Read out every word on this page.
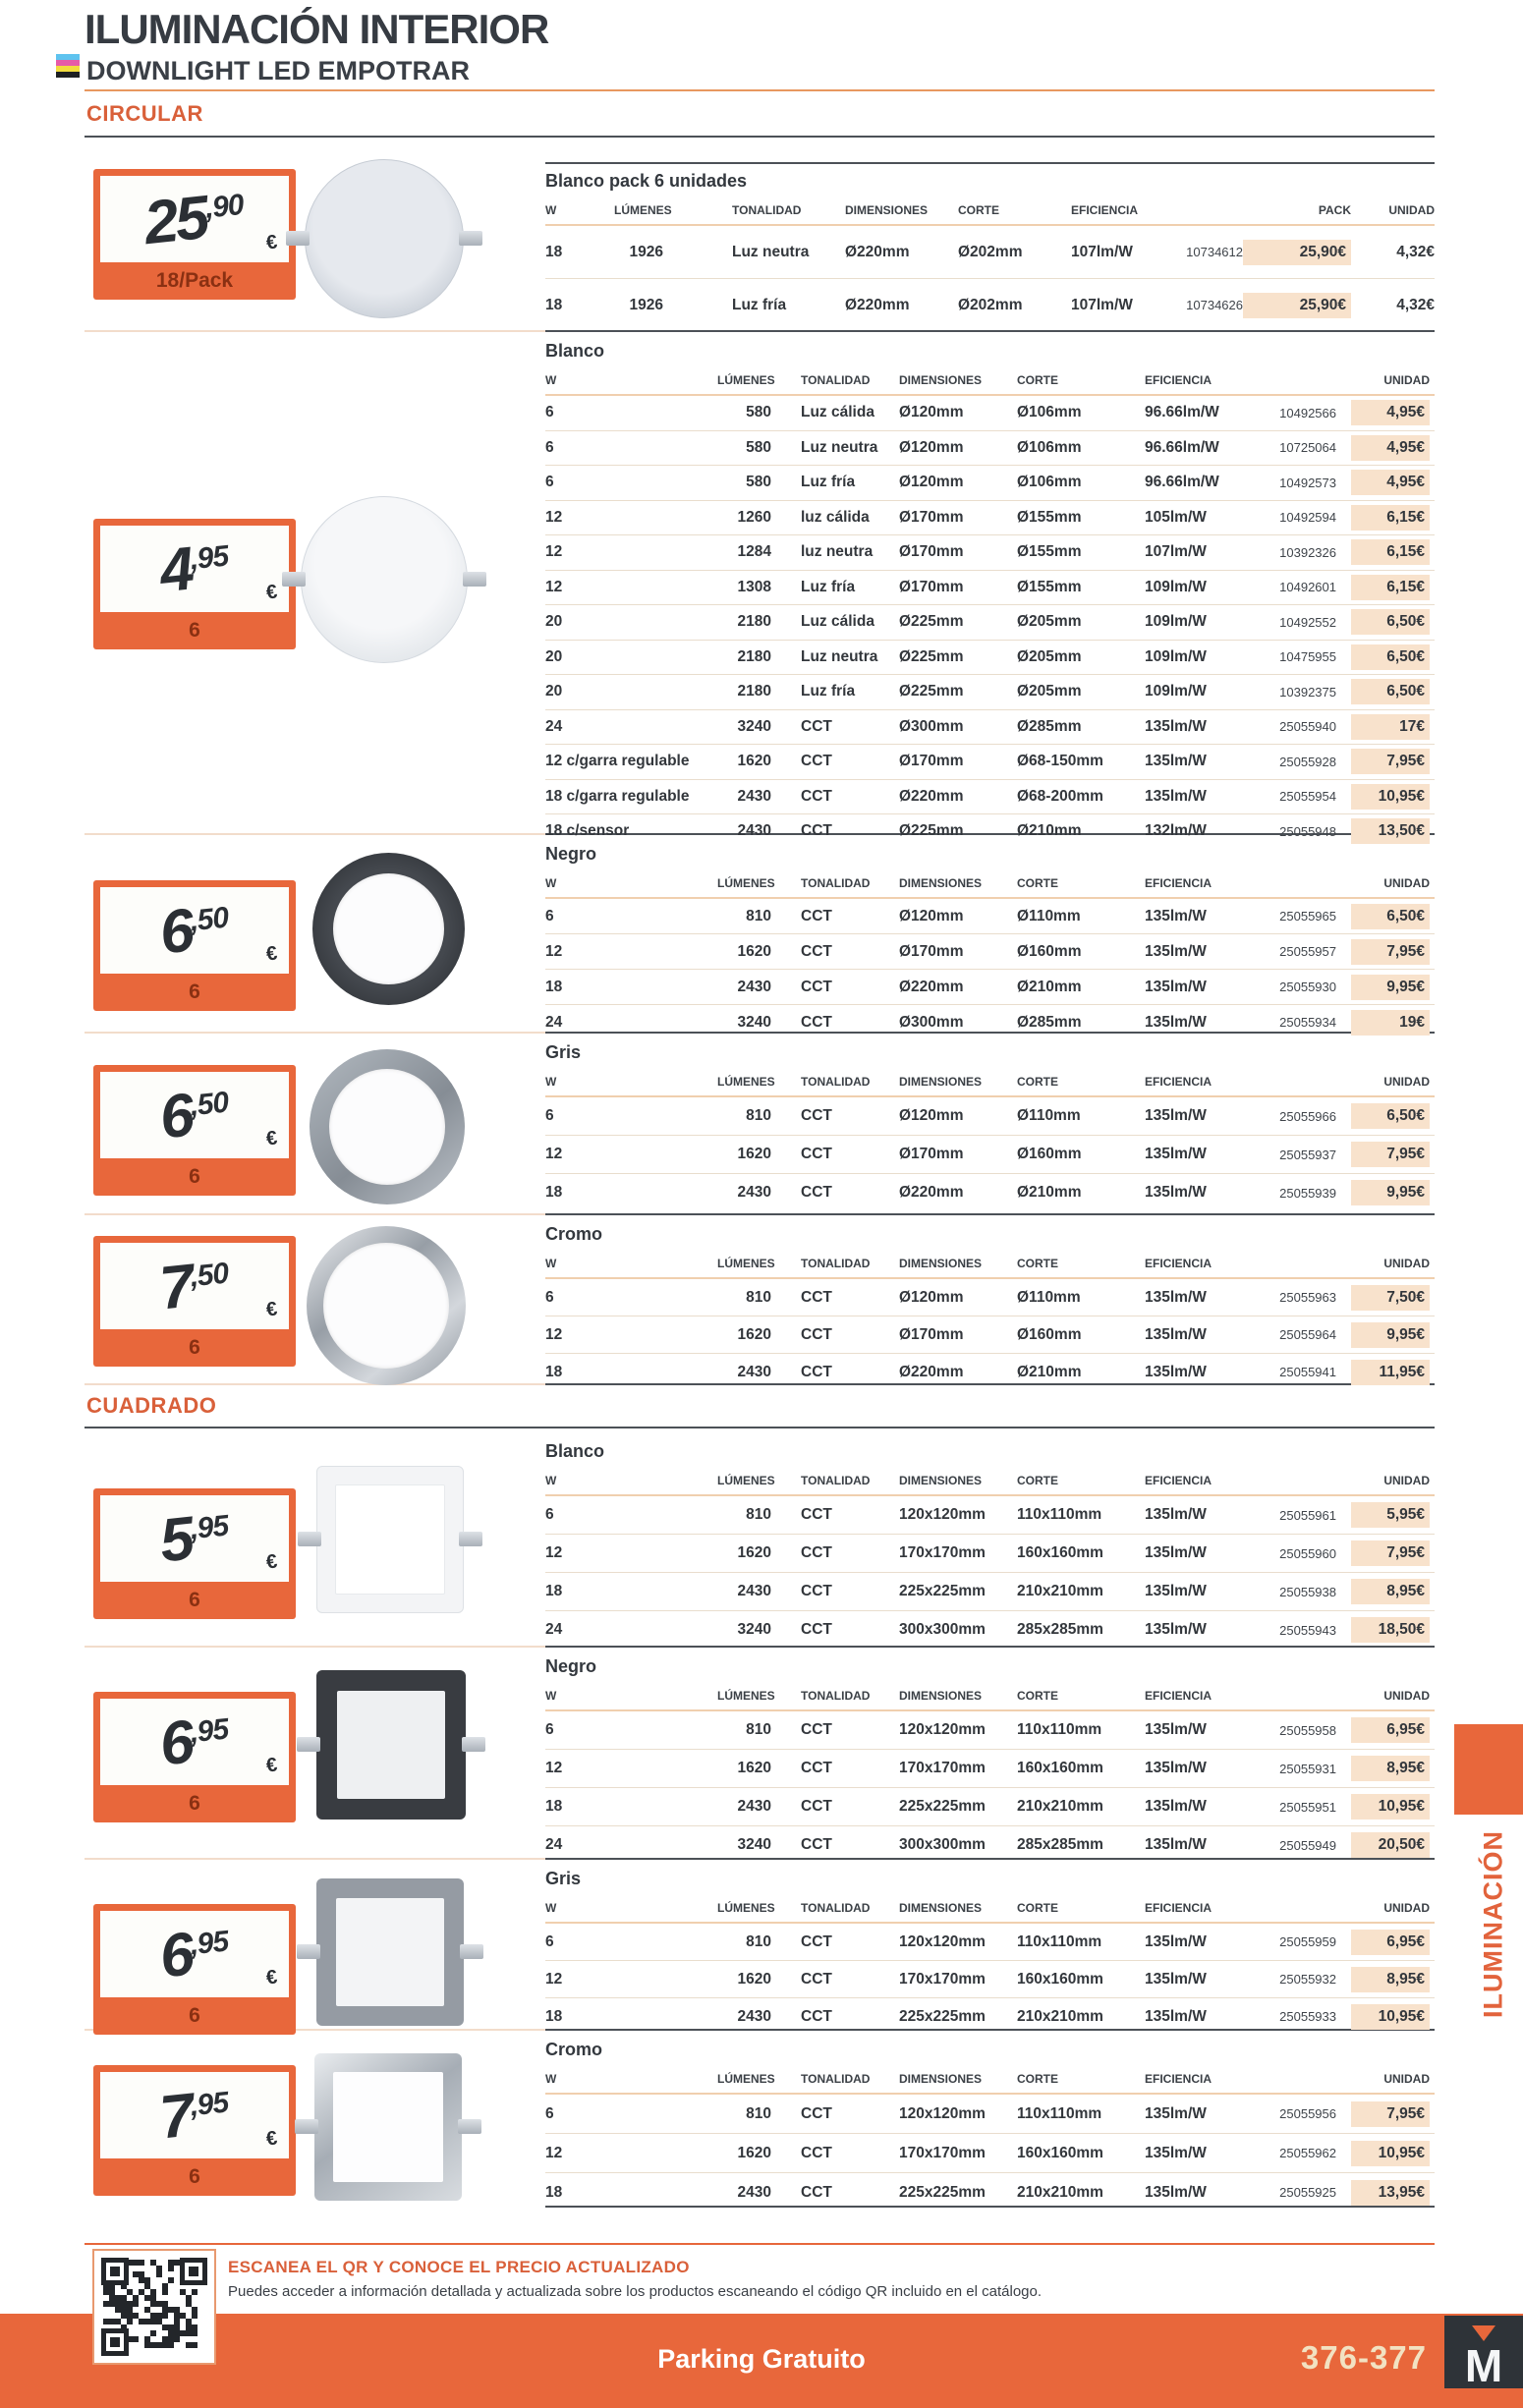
ILUMINACIÓN INTERIOR
DOWNLIGHT LED EMPOTRAR
CIRCULAR
CUADRADO
25,90
€
18/Pack
4,95
€
6
6,50
€
6
6,50
€
6
7,50
€
6
5,95
€
6
6,95
€
6
6,95
€
6
7,95
€
6
Blanco pack 6 unidades
W	LÚMENES	TONALIDAD	DIMENSIONES	CORTE	EFICIENCIA	PACK	UNIDAD
18	1926	Luz neutra	Ø220mm	Ø202mm	107lm/W	10734612	25,90€	4,32€
18	1926	Luz fría	Ø220mm	Ø202mm	107lm/W	10734626	25,90€	4,32€
Blanco
W	LÚMENES	TONALIDAD	DIMENSIONES	CORTE	EFICIENCIA	UNIDAD
6	580	Luz cálida	Ø120mm	Ø106mm	96.66lm/W	10492566	4,95€
6	580	Luz neutra	Ø120mm	Ø106mm	96.66lm/W	10725064	4,95€
6	580	Luz fría	Ø120mm	Ø106mm	96.66lm/W	10492573	4,95€
12	1260	luz cálida	Ø170mm	Ø155mm	105lm/W	10492594	6,15€
12	1284	luz neutra	Ø170mm	Ø155mm	107lm/W	10392326	6,15€
12	1308	Luz fría	Ø170mm	Ø155mm	109lm/W	10492601	6,15€
20	2180	Luz cálida	Ø225mm	Ø205mm	109lm/W	10492552	6,50€
20	2180	Luz neutra	Ø225mm	Ø205mm	109lm/W	10475955	6,50€
20	2180	Luz fría	Ø225mm	Ø205mm	109lm/W	10392375	6,50€
24	3240	CCT	Ø300mm	Ø285mm	135lm/W	25055940	17€
12 c/garra regulable	1620	CCT	Ø170mm	Ø68-150mm	135lm/W	25055928	7,95€
18 c/garra regulable	2430	CCT	Ø220mm	Ø68-200mm	135lm/W	25055954	10,95€
18 c/sensor	2430	CCT	Ø225mm	Ø210mm	132lm/W	25055948	13,50€
Negro
W	LÚMENES	TONALIDAD	DIMENSIONES	CORTE	EFICIENCIA	UNIDAD
6	810	CCT	Ø120mm	Ø110mm	135lm/W	25055965	6,50€
12	1620	CCT	Ø170mm	Ø160mm	135lm/W	25055957	7,95€
18	2430	CCT	Ø220mm	Ø210mm	135lm/W	25055930	9,95€
24	3240	CCT	Ø300mm	Ø285mm	135lm/W	25055934	19€
Gris
W	LÚMENES	TONALIDAD	DIMENSIONES	CORTE	EFICIENCIA	UNIDAD
6	810	CCT	Ø120mm	Ø110mm	135lm/W	25055966	6,50€
12	1620	CCT	Ø170mm	Ø160mm	135lm/W	25055937	7,95€
18	2430	CCT	Ø220mm	Ø210mm	135lm/W	25055939	9,95€
Cromo
W	LÚMENES	TONALIDAD	DIMENSIONES	CORTE	EFICIENCIA	UNIDAD
6	810	CCT	Ø120mm	Ø110mm	135lm/W	25055963	7,50€
12	1620	CCT	Ø170mm	Ø160mm	135lm/W	25055964	9,95€
18	2430	CCT	Ø220mm	Ø210mm	135lm/W	25055941	11,95€
Blanco
W	LÚMENES	TONALIDAD	DIMENSIONES	CORTE	EFICIENCIA	UNIDAD
6	810	CCT	120x120mm	110x110mm	135lm/W	25055961	5,95€
12	1620	CCT	170x170mm	160x160mm	135lm/W	25055960	7,95€
18	2430	CCT	225x225mm	210x210mm	135lm/W	25055938	8,95€
24	3240	CCT	300x300mm	285x285mm	135lm/W	25055943	18,50€
Negro
W	LÚMENES	TONALIDAD	DIMENSIONES	CORTE	EFICIENCIA	UNIDAD
6	810	CCT	120x120mm	110x110mm	135lm/W	25055958	6,95€
12	1620	CCT	170x170mm	160x160mm	135lm/W	25055931	8,95€
18	2430	CCT	225x225mm	210x210mm	135lm/W	25055951	10,95€
24	3240	CCT	300x300mm	285x285mm	135lm/W	25055949	20,50€
Gris
W	LÚMENES	TONALIDAD	DIMENSIONES	CORTE	EFICIENCIA	UNIDAD
6	810	CCT	120x120mm	110x110mm	135lm/W	25055959	6,95€
12	1620	CCT	170x170mm	160x160mm	135lm/W	25055932	8,95€
18	2430	CCT	225x225mm	210x210mm	135lm/W	25055933	10,95€
Cromo
W	LÚMENES	TONALIDAD	DIMENSIONES	CORTE	EFICIENCIA	UNIDAD
6	810	CCT	120x120mm	110x110mm	135lm/W	25055956	7,95€
12	1620	CCT	170x170mm	160x160mm	135lm/W	25055962	10,95€
18	2430	CCT	225x225mm	210x210mm	135lm/W	25055925	13,95€
ILUMINACIÓN
ESCANEA EL QR Y CONOCE EL PRECIO ACTUALIZADO
Puedes acceder a información detallada y actualizada sobre los productos escaneando el código QR incluido en el catálogo.
Parking Gratuito	376-377 M
